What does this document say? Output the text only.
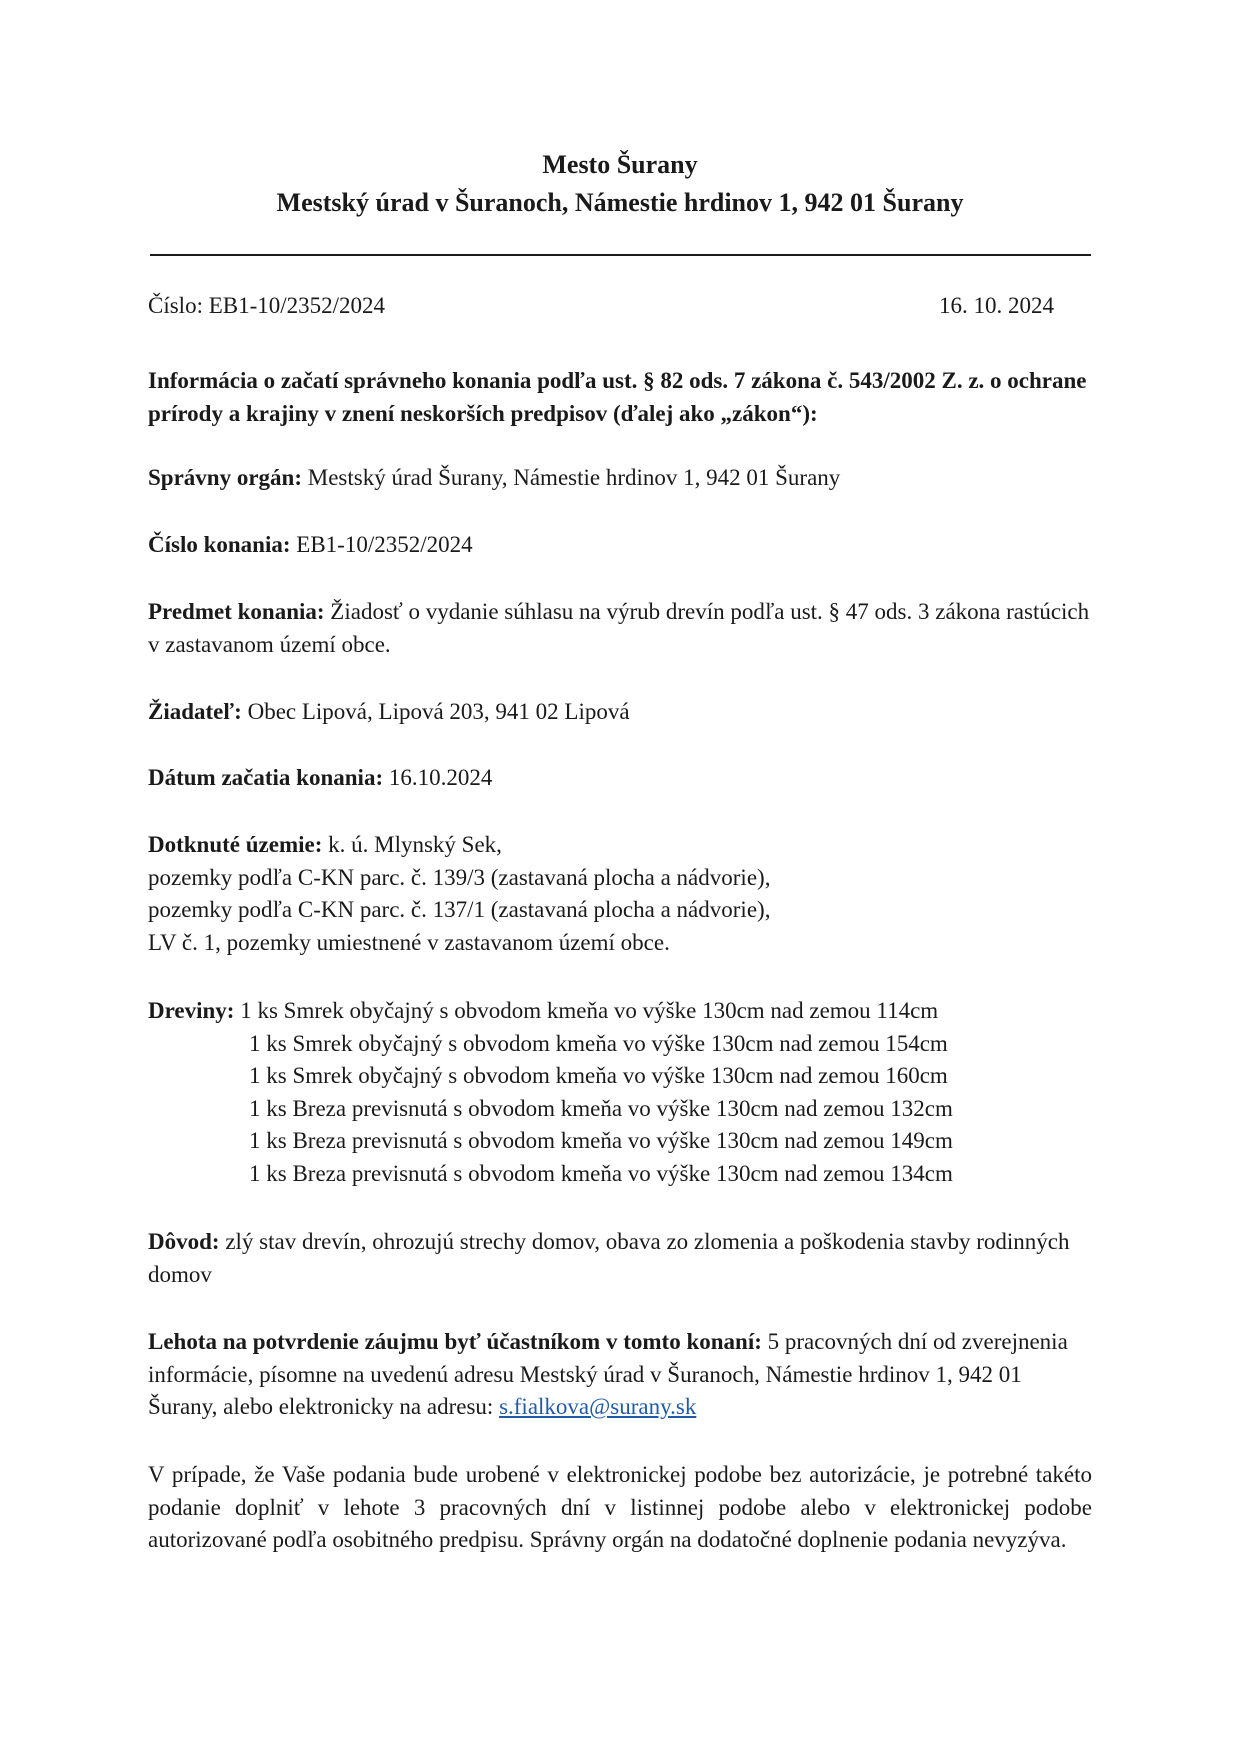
Mesto Šurany
Mestský úrad v Šuranoch, Námestie hrdinov 1, 942 01 Šurany
Číslo: EB1-10/2352/2024	16. 10. 2024

Informácia o začatí správneho konania podľa ust. § 82 ods. 7 zákona č. 543/2002 Z. z. o ochrane prírody a krajiny v znení neskorších predpisov (ďalej ako „zákon“):

Správny orgán: Mestský úrad Šurany, Námestie hrdinov 1, 942 01 Šurany

Číslo konania: EB1-10/2352/2024

Predmet konania: Žiadosť o vydanie súhlasu na výrub drevín podľa ust. § 47 ods. 3 zákona rastúcich v zastavanom území obce.

Žiadateľ: Obec Lipová, Lipová 203, 941 02 Lipová

Dátum začatia konania: 16.10.2024

Dotknuté územie: k. ú. Mlynský Sek,

pozemky podľa C-KN parc. č. 139/3 (zastavaná plocha a nádvorie),

pozemky podľa C-KN parc. č. 137/1 (zastavaná plocha a nádvorie),

LV č. 1, pozemky umiestnené v zastavanom území obce.

Dreviny: 1 ks Smrek obyčajný s obvodom kmeňa vo výške 130cm nad zemou 114cm

1 ks Smrek obyčajný s obvodom kmeňa vo výške 130cm nad zemou 154cm

1 ks Smrek obyčajný s obvodom kmeňa vo výške 130cm nad zemou 160cm

1 ks Breza previsnutá s obvodom kmeňa vo výške 130cm nad zemou 132cm

1 ks Breza previsnutá s obvodom kmeňa vo výške 130cm nad zemou 149cm

1 ks Breza previsnutá s obvodom kmeňa vo výške 130cm nad zemou 134cm

Dôvod: zlý stav drevín, ohrozujú strechy domov, obava zo zlomenia a poškodenia stavby rodinných domov

Lehota na potvrdenie záujmu byť účastníkom v tomto konaní: 5 pracovných dní od zverejnenia informácie, písomne na uvedenú adresu Mestský úrad v Šuranoch, Námestie hrdinov 1, 942 01 Šurany, alebo elektronicky na adresu: s.fialkova@surany.sk

V prípade, že Vaše podania bude urobené v elektronickej podobe bez autorizácie, je potrebné takéto podanie doplniť v lehote 3 pracovných dní v listinnej podobe alebo v elektronickej podobe autorizované podľa osobitného predpisu. Správny orgán na dodatočné doplnenie podania nevyzýva.
